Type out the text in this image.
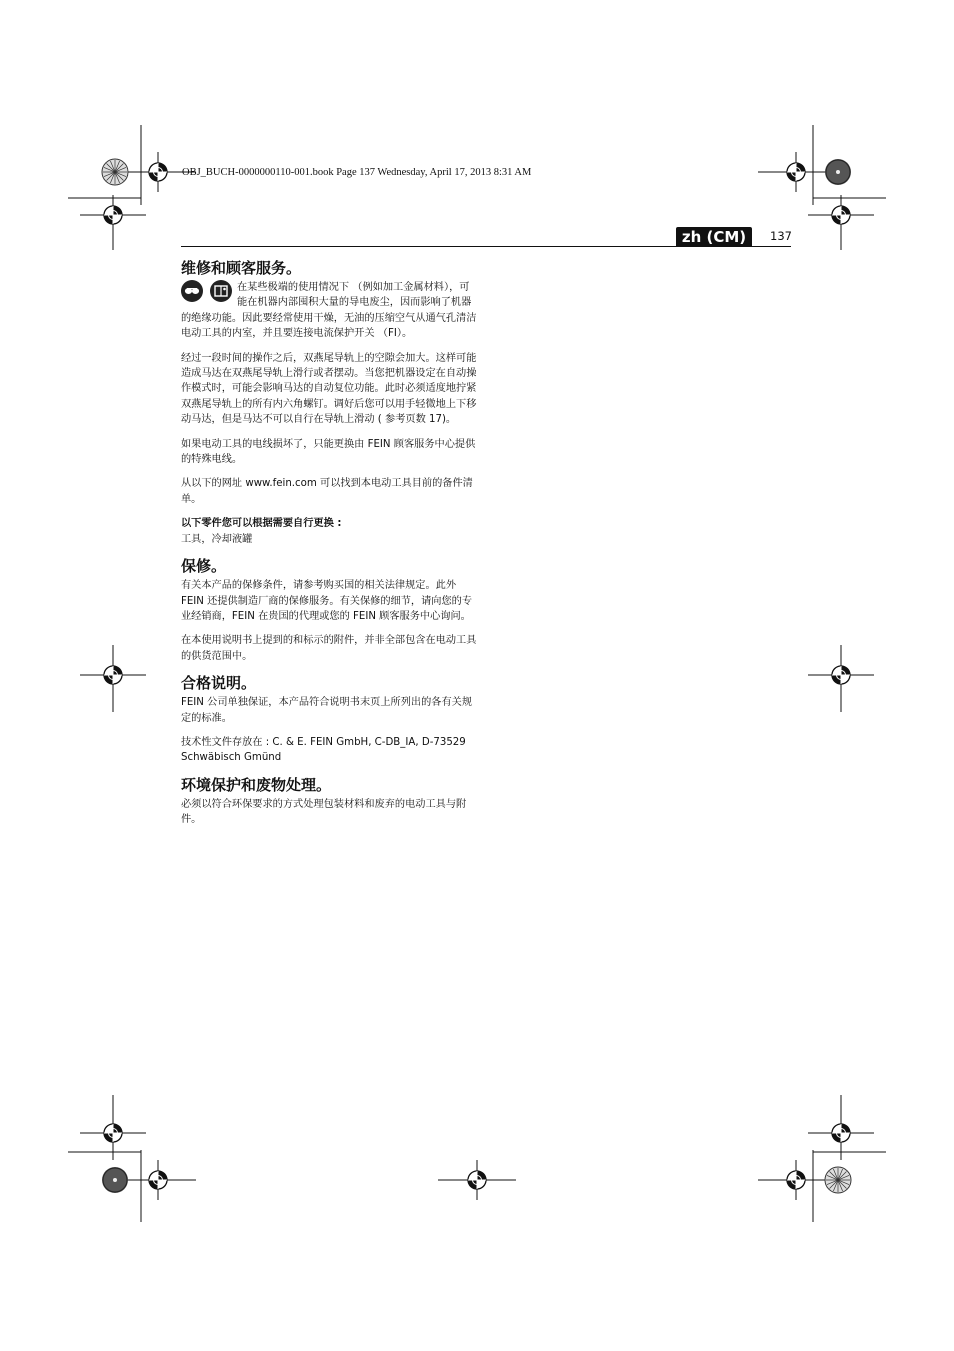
OBJ_BUCH-0000000110-001.book Page 137 Wednesday, April 17, 2013 8:31 AM
zh (CM)	137
维修和顾客服务。

在某些极端的使用情况下 （例如加工金属材料），可能在机器内部囤积大量的导电废尘，因而影响了机器的绝缘功能。因此要经常使用干燥，无油的压缩空气从通气孔清洁电动工具的内室，并且要连接电流保护开关 （FI）。

经过一段时间的操作之后，双燕尾导轨上的空隙会加大。这样可能造成马达在双燕尾导轨上滑行或者摆动。当您把机器设定在自动操作模式时，可能会影响马达的自动复位功能。此时必须适度地拧紧双燕尾导轨上的所有内六角螺钉。调好后您可以用手轻微地上下移动马达，但是马达不可以自行在导轨上滑动 ( 参考页数 17)。

如果电动工具的电线损坏了，只能更换由 FEIN 顾客服务中心提供的特殊电线。

从以下的网址 www.fein.com 可以找到本电动工具目前的备件清单。

以下零件您可以根据需要自行更换 :

工具，冷却液罐

保修。

有关本产品的保修条件，请参考购买国的相关法律规定。此外 FEIN 还提供制造厂商的保修服务。有关保修的细节，请向您的专业经销商，FEIN 在贵国的代理或您的 FEIN 顾客服务中心询问。

在本使用说明书上提到的和标示的附件，并非全部包含在电动工具的供货范围中。

合格说明。

FEIN 公司单独保证，本产品符合说明书末页上所列出的各有关规定的标准。

技术性文件存放在 : C. & E. FEIN GmbH, C-DB_IA, D-73529 Schwäbisch Gmünd

环境保护和废物处理。

必须以符合环保要求的方式处理包装材料和废弃的电动工具与附件。
